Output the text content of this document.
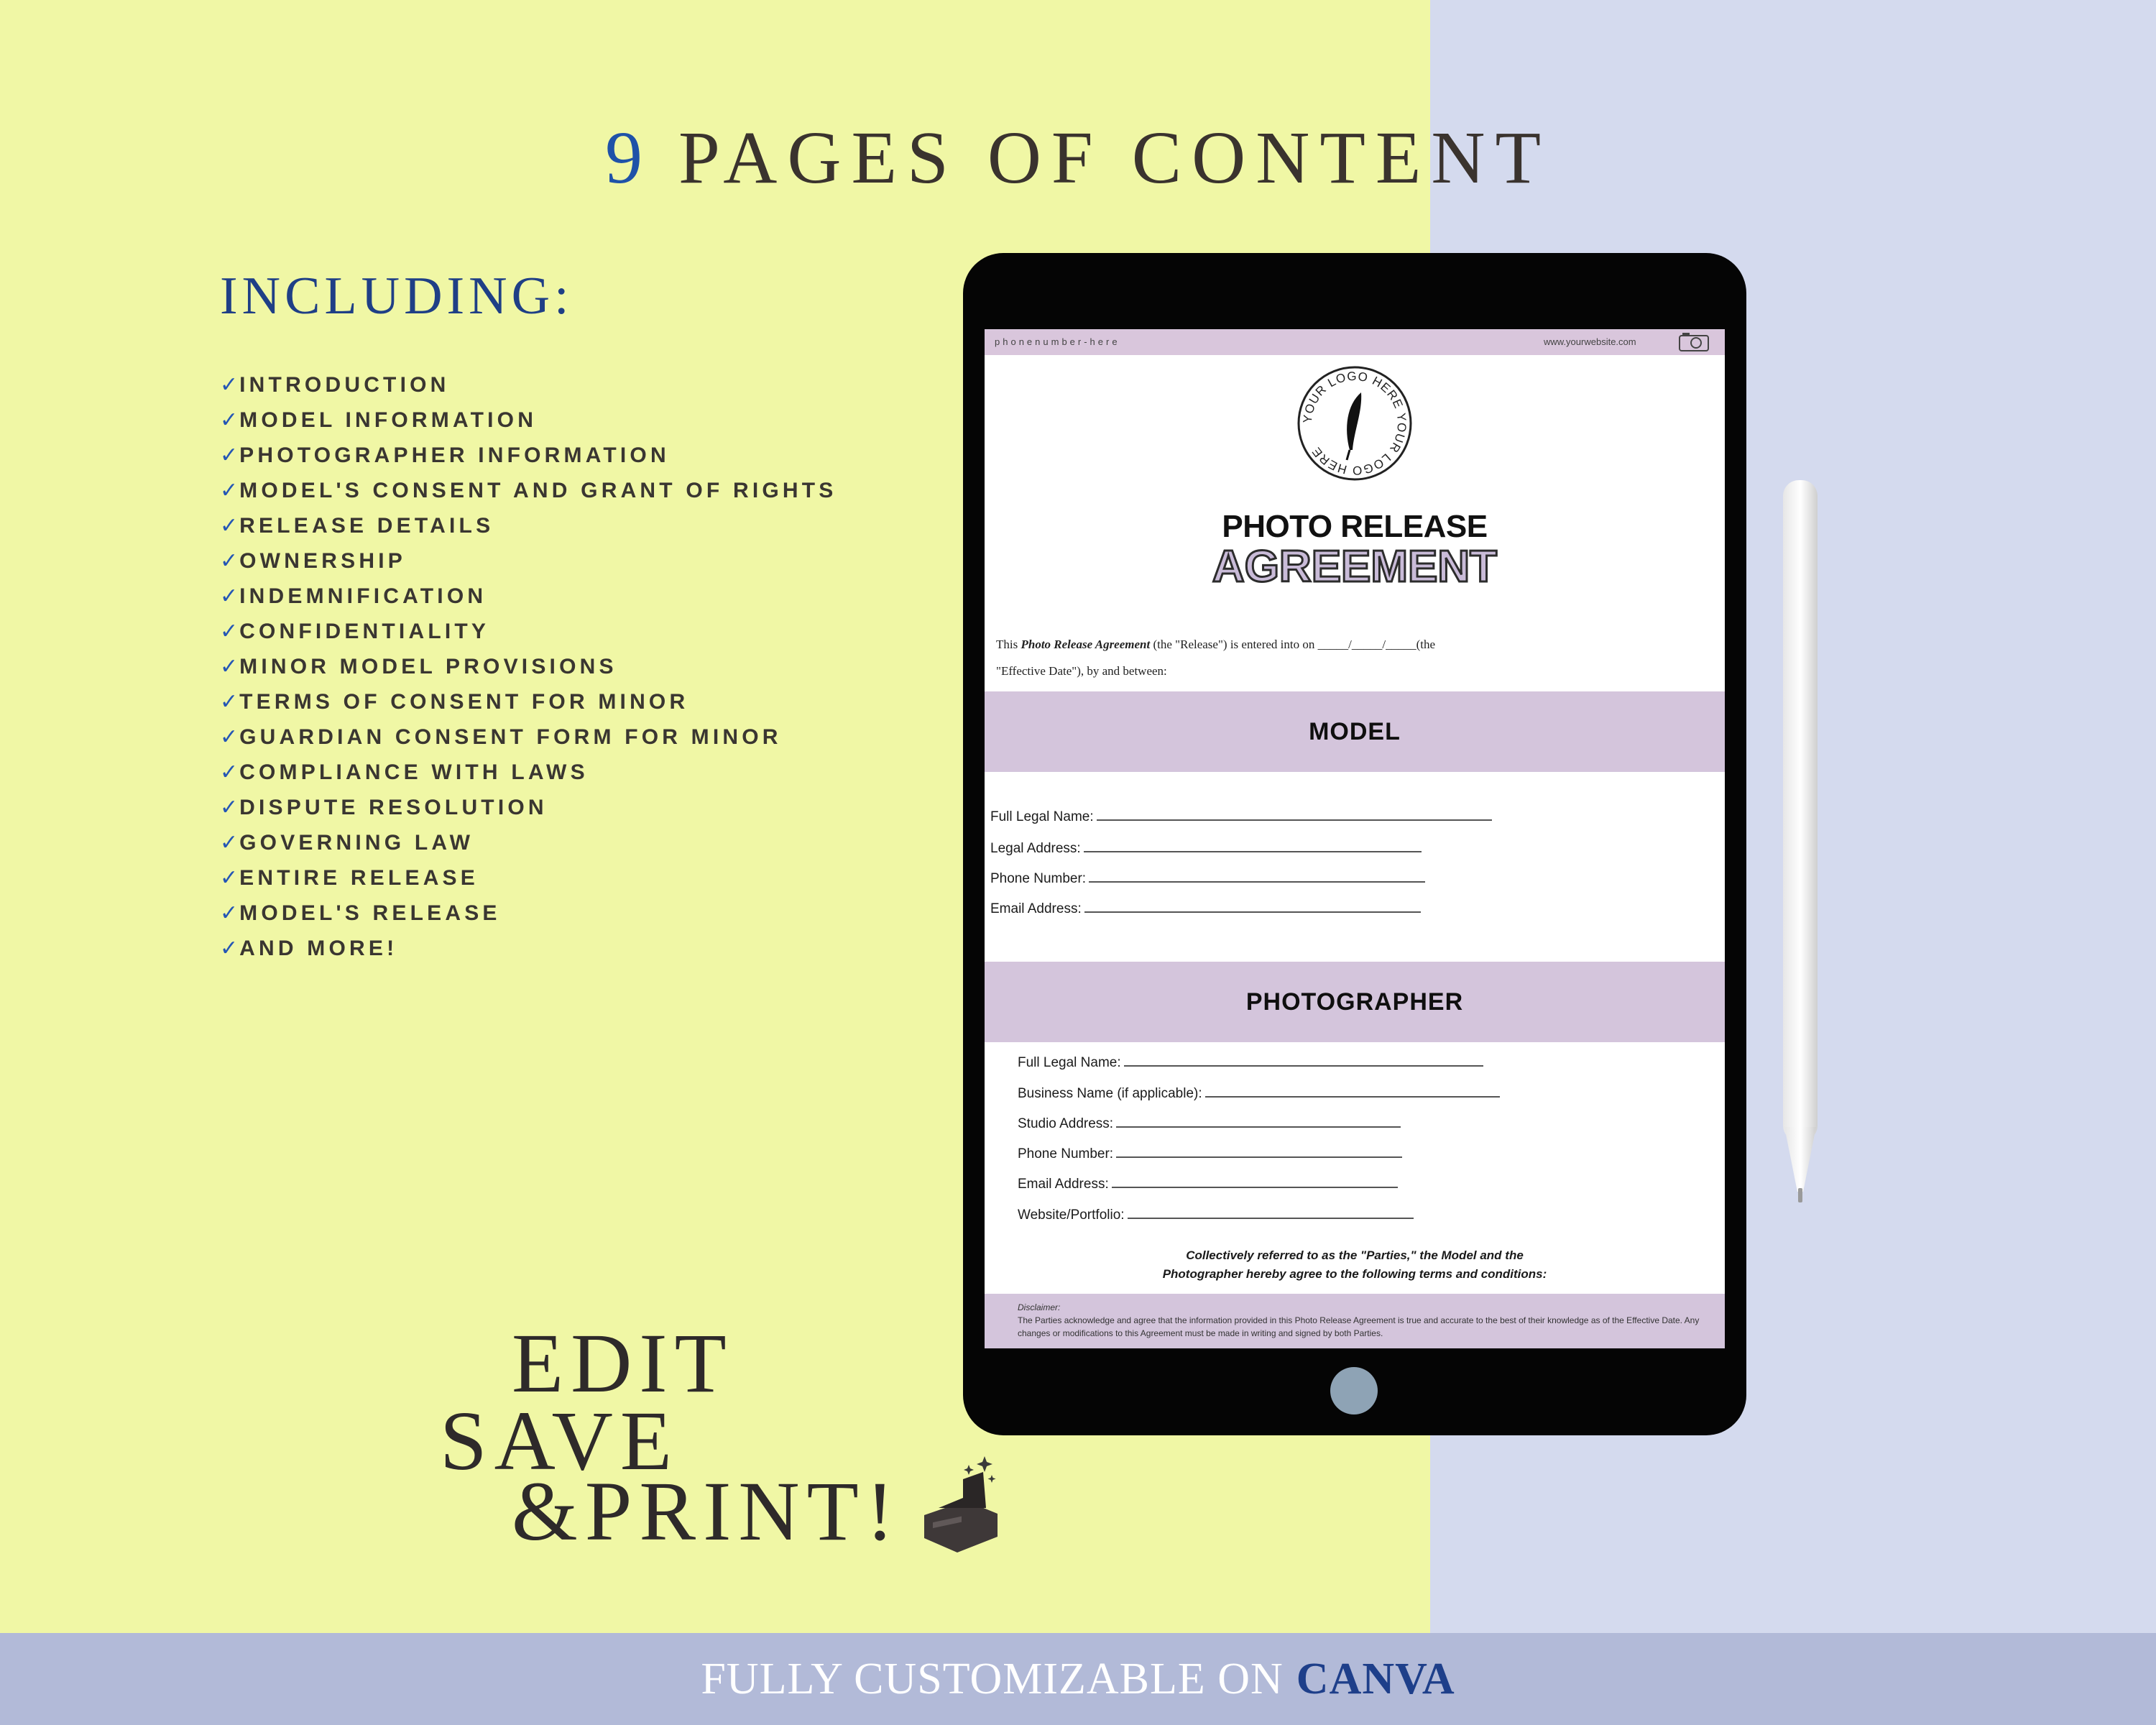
9 PAGES OF CONTENT
INCLUDING:
✓INTRODUCTION
✓MODEL INFORMATION
✓PHOTOGRAPHER INFORMATION
✓MODEL'S CONSENT AND GRANT OF RIGHTS
✓RELEASE DETAILS
✓OWNERSHIP
✓INDEMNIFICATION
✓CONFIDENTIALITY
✓MINOR MODEL PROVISIONS
✓TERMS OF CONSENT FOR MINOR
✓GUARDIAN CONSENT FORM FOR MINOR
✓COMPLIANCE WITH LAWS
✓DISPUTE RESOLUTION
✓GOVERNING LAW
✓ENTIRE RELEASE
✓MODEL'S RELEASE
✓AND MORE!
EDIT
SAVE
&PRINT!
phonenumber-here	www.yourwebsite.com
YOUR LOGO HERE YOUR LOGO HERE
PHOTO RELEASE
AGREEMENT
This Photo Release Agreement (the "Release") is entered into on _____/_____/_____(the
"Effective Date"), by and between:
MODEL
Full Legal Name:
Legal Address:
Phone Number:
Email Address:
PHOTOGRAPHER
Full Legal Name:
Business Name (if applicable):
Studio Address:
Phone Number:
Email Address:
Website/Portfolio:
Collectively referred to as the "Parties," the Model and the
Photographer hereby agree to the following terms and conditions:
Disclaimer:
The Parties acknowledge and agree that the information provided in this Photo Release Agreement is true and accurate to the best of their knowledge as of the Effective Date. Any changes or modifications to this Agreement must be made in writing and signed by both Parties.
FULLY CUSTOMIZABLE ON CANVA
